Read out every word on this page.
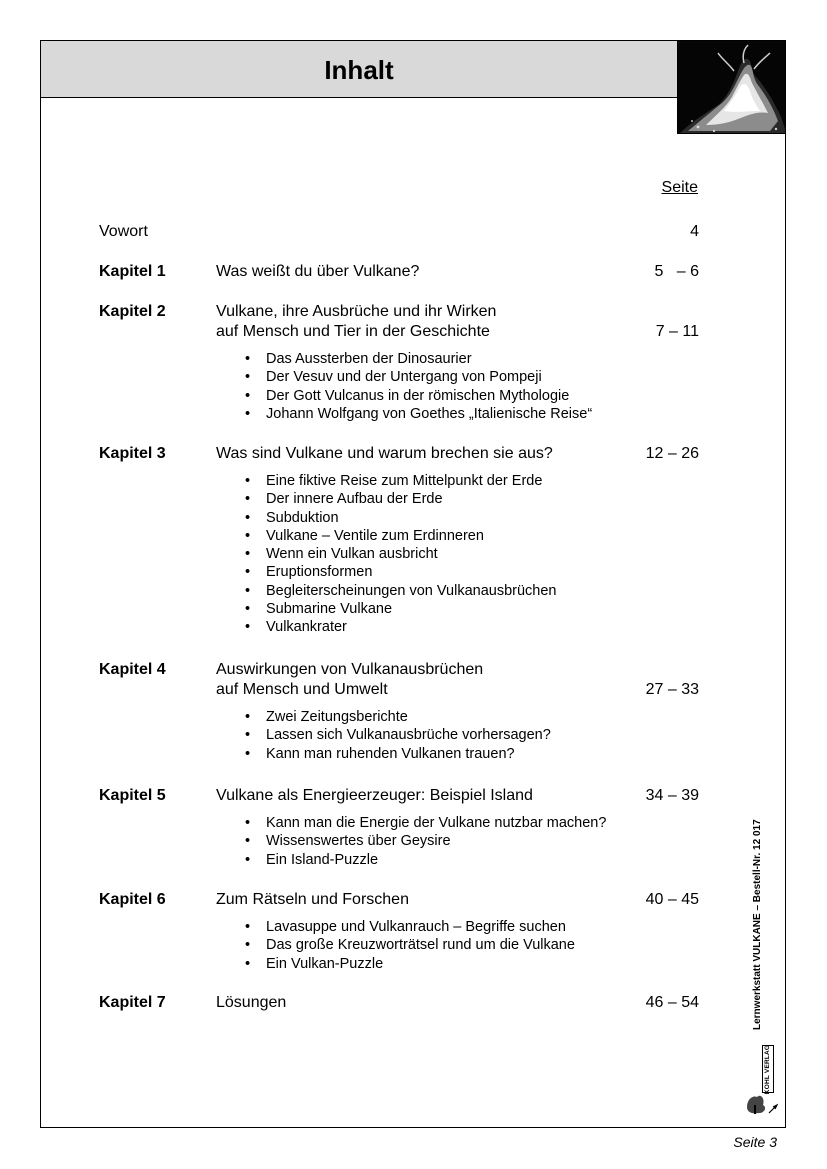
Inhalt
Seite
Vowort	4
Kapitel 1	Was weißt du über Vulkane?	5   – 6
Kapitel 2	Vulkane, ihre Ausbrüche und ihr Wirken
auf Mensch und Tier in der Geschichte	7 – 11
• Das Aussterben der Dinosaurier
• Der Vesuv und der Untergang von Pompeji
• Der Gott Vulcanus in der römischen Mythologie
• Johann Wolfgang von Goethes „Italienische Reise“
Kapitel 3	Was sind Vulkane und warum brechen sie aus?	12 – 26
• Eine fiktive Reise zum Mittelpunkt der Erde
• Der innere Aufbau der Erde
• Subduktion
• Vulkane – Ventile zum Erdinneren
• Wenn ein Vulkan ausbricht
• Eruptionsformen
• Begleiterscheinungen von Vulkanausbrüchen
• Submarine Vulkane
• Vulkankrater
Kapitel 4	Auswirkungen von Vulkanausbrüchen
auf Mensch und Umwelt	27 – 33
• Zwei Zeitungsberichte
• Lassen sich Vulkanausbrüche vorhersagen?
• Kann man ruhenden Vulkanen trauen?
Kapitel 5	Vulkane als Energieerzeuger: Beispiel Island	34 – 39
• Kann man die Energie der Vulkane nutzbar machen?
• Wissenswertes über Geysire
• Ein Island-Puzzle
Kapitel 6	Zum Rätseln und Forschen	40 – 45
• Lavasuppe und Vulkanrauch – Begriffe suchen
• Das große Kreuzworträtsel rund um die Vulkane
• Ein Vulkan-Puzzle
Kapitel 7	Lösungen	46 – 54	Lernwerkstatt VULKANE – Bestell-Nr. 12 017
KOHL VERLAG
Seite 3
